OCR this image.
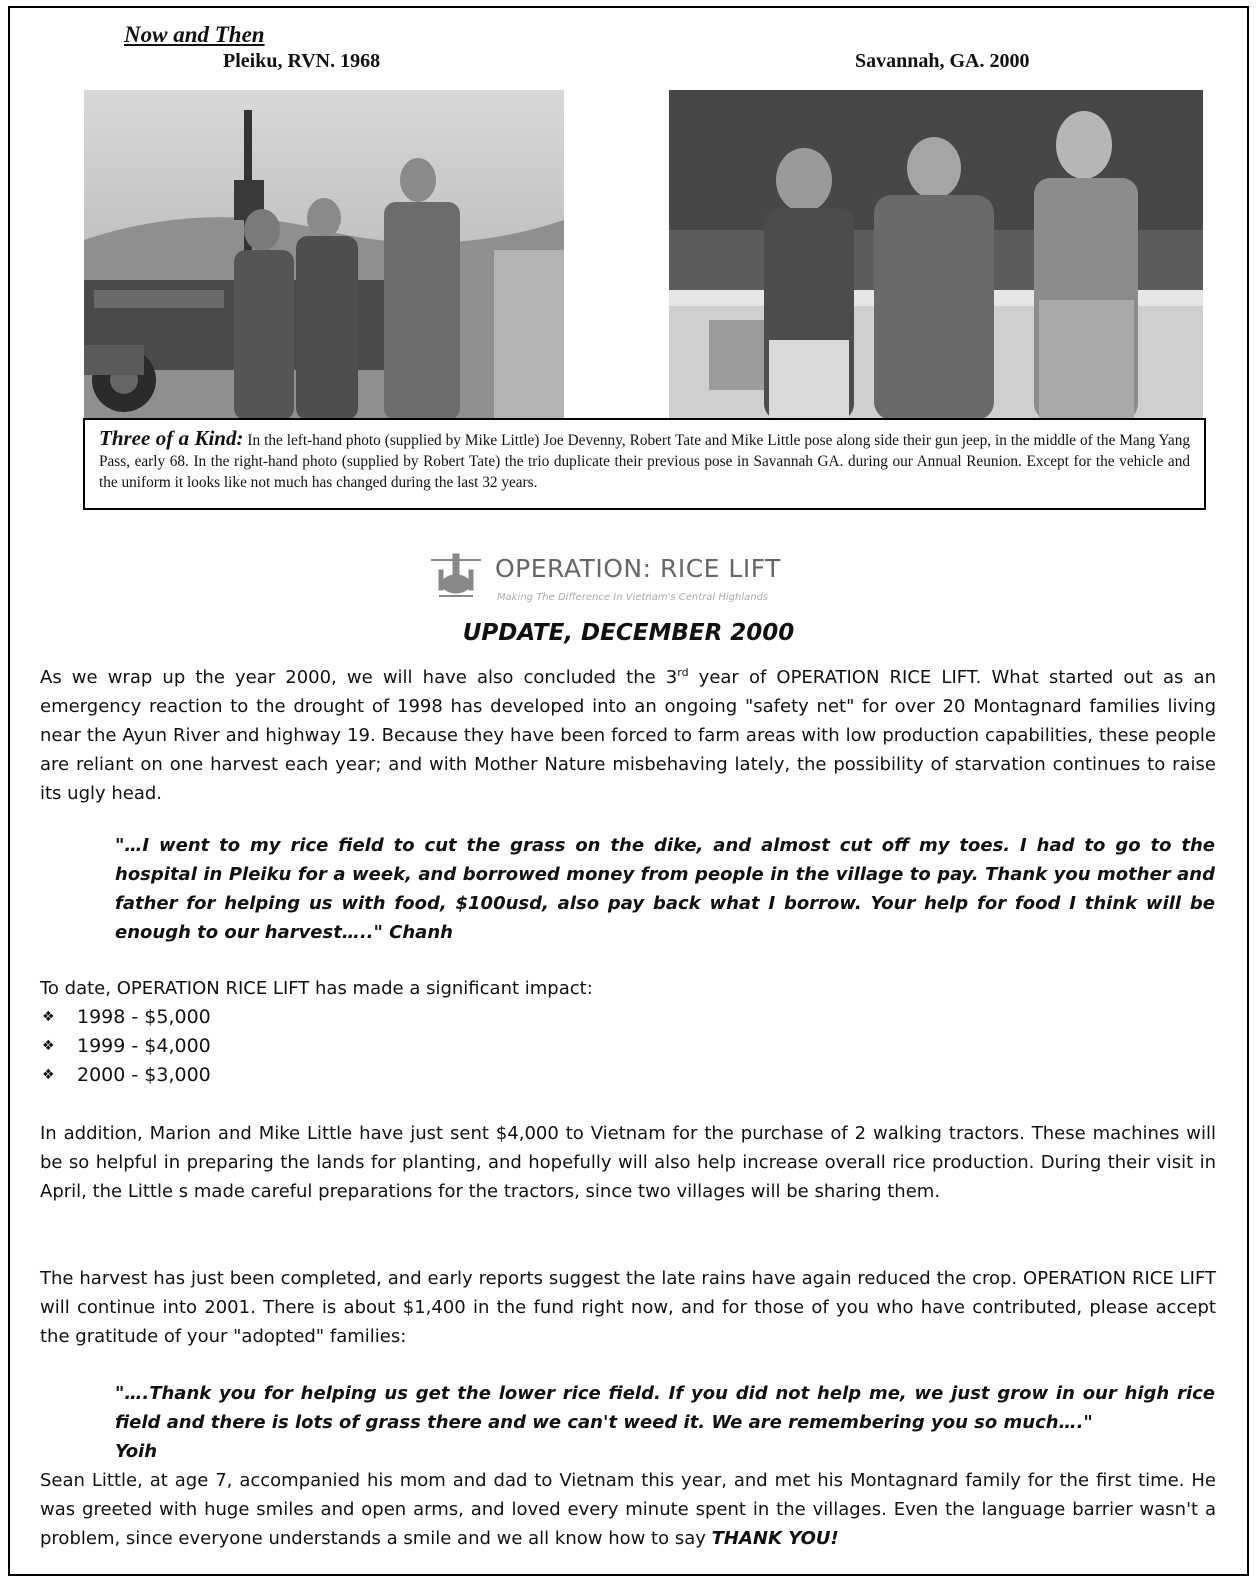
Now and Then
Pleiku, RVN. 1968	Savannah, GA. 2000
Three of a Kind: In the left-hand photo (supplied by Mike Little) Joe Devenny, Robert Tate and Mike Little pose along side their gun jeep, in the middle of the Mang Yang Pass, early 68. In the right-hand photo (supplied by Robert Tate) the trio duplicate their previous pose in Savannah GA. during our Annual Reunion. Except for the vehicle and the uniform it looks like not much has changed during the last 32 years.
OPERATION: RICE LIFT
Making The Difference In Vietnam's Central Highlands
UPDATE, DECEMBER 2000
As we wrap up the year 2000, we will have also concluded the 3rd year of OPERATION RICE LIFT. What started out as an emergency reaction to the drought of 1998 has developed into an ongoing "safety net" for over 20 Montagnard families living near the Ayun River and highway 19. Because they have been forced to farm areas with low production capabilities, these people are reliant on one harvest each year; and with Mother Nature misbehaving lately, the possibility of starvation continues to raise its ugly head.
"…I went to my rice field to cut the grass on the dike, and almost cut off my toes. I had to go to the hospital in Pleiku for a week, and borrowed money from people in the village to pay. Thank you mother and father for helping us with food, $100usd, also pay back what I borrow. Your help for food I think will be enough to our harvest….." Chanh
To date, OPERATION RICE LIFT has made a significant impact:
❖ 1998 - $5,000
❖ 1999 - $4,000
❖ 2000 - $3,000
In addition, Marion and Mike Little have just sent $4,000 to Vietnam for the purchase of 2 walking tractors. These machines will be so helpful in preparing the lands for planting, and hopefully will also help increase overall rice production. During their visit in April, the Little s made careful preparations for the tractors, since two villages will be sharing them.
The harvest has just been completed, and early reports suggest the late rains have again reduced the crop. OPERATION RICE LIFT will continue into 2001. There is about $1,400 in the fund right now, and for those of you who have contributed, please accept the gratitude of your "adopted" families:
"….Thank you for helping us get the lower rice field. If you did not help me, we just grow in our high rice field and there is lots of grass there and we can't weed it. We are remembering you so much…."
Yoih
Sean Little, at age 7, accompanied his mom and dad to Vietnam this year, and met his Montagnard family for the first time. He was greeted with huge smiles and open arms, and loved every minute spent in the villages. Even the language barrier wasn't a problem, since everyone understands a smile and we all know how to say THANK YOU!
